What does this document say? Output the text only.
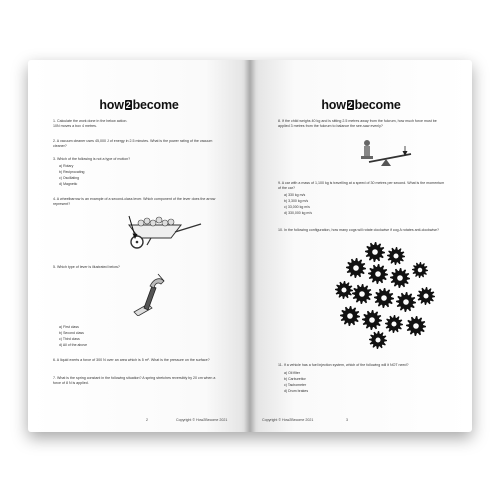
how 2 become
1. Calculate the work done in the below action.
10N moves a box 4 metres.
2. A vacuum cleaner uses 45,000 J of energy in 2.5 minutes. What is the power rating of the vacuum cleaner?
3. Which of the following is not a type of motion?
a) Rotary
b) Reciprocating
c) Oscillating
d) Magnetic
4. A wheelbarrow is an example of a second-class lever. Which component of the lever does the arrow represent?
5. Which type of lever is illustrated below?
a) First class
b) Second class
c) Third class
d) All of the above
6. A liquid exerts a force of 300 N over an area which is 5 m². What is the pressure on the surface?
7. What is the spring constant in the following situation? A spring stretches reversibly by 20 cm when a force of 8 N is applied.
2	Copyright © How2Become 2021
how 2 become
8. If the child weighs 40 kg and is sitting 2.5 metres away from the fulcrum, how much force must be applied 3 metres from the fulcrum to balance the see-saw evenly?
9. A car with a mass of 1,100 kg is travelling at a speed of 30 metres per second. What is the momentum of the car?
a) 330 kg m/s
b) 3,300 kg m/s
c) 33,000 kg m/s
d) 330,000 kg m/s
10. In the following configuration, how many cogs will rotate clockwise if cog A rotates anti-clockwise?
11. If a vehicle has a fuel injection system, which of the following will it NOT need?
a) Oil filter
b) Carburettor
c) Tachometer
d) Drum brakes
Copyright © How2Become 2021	3
